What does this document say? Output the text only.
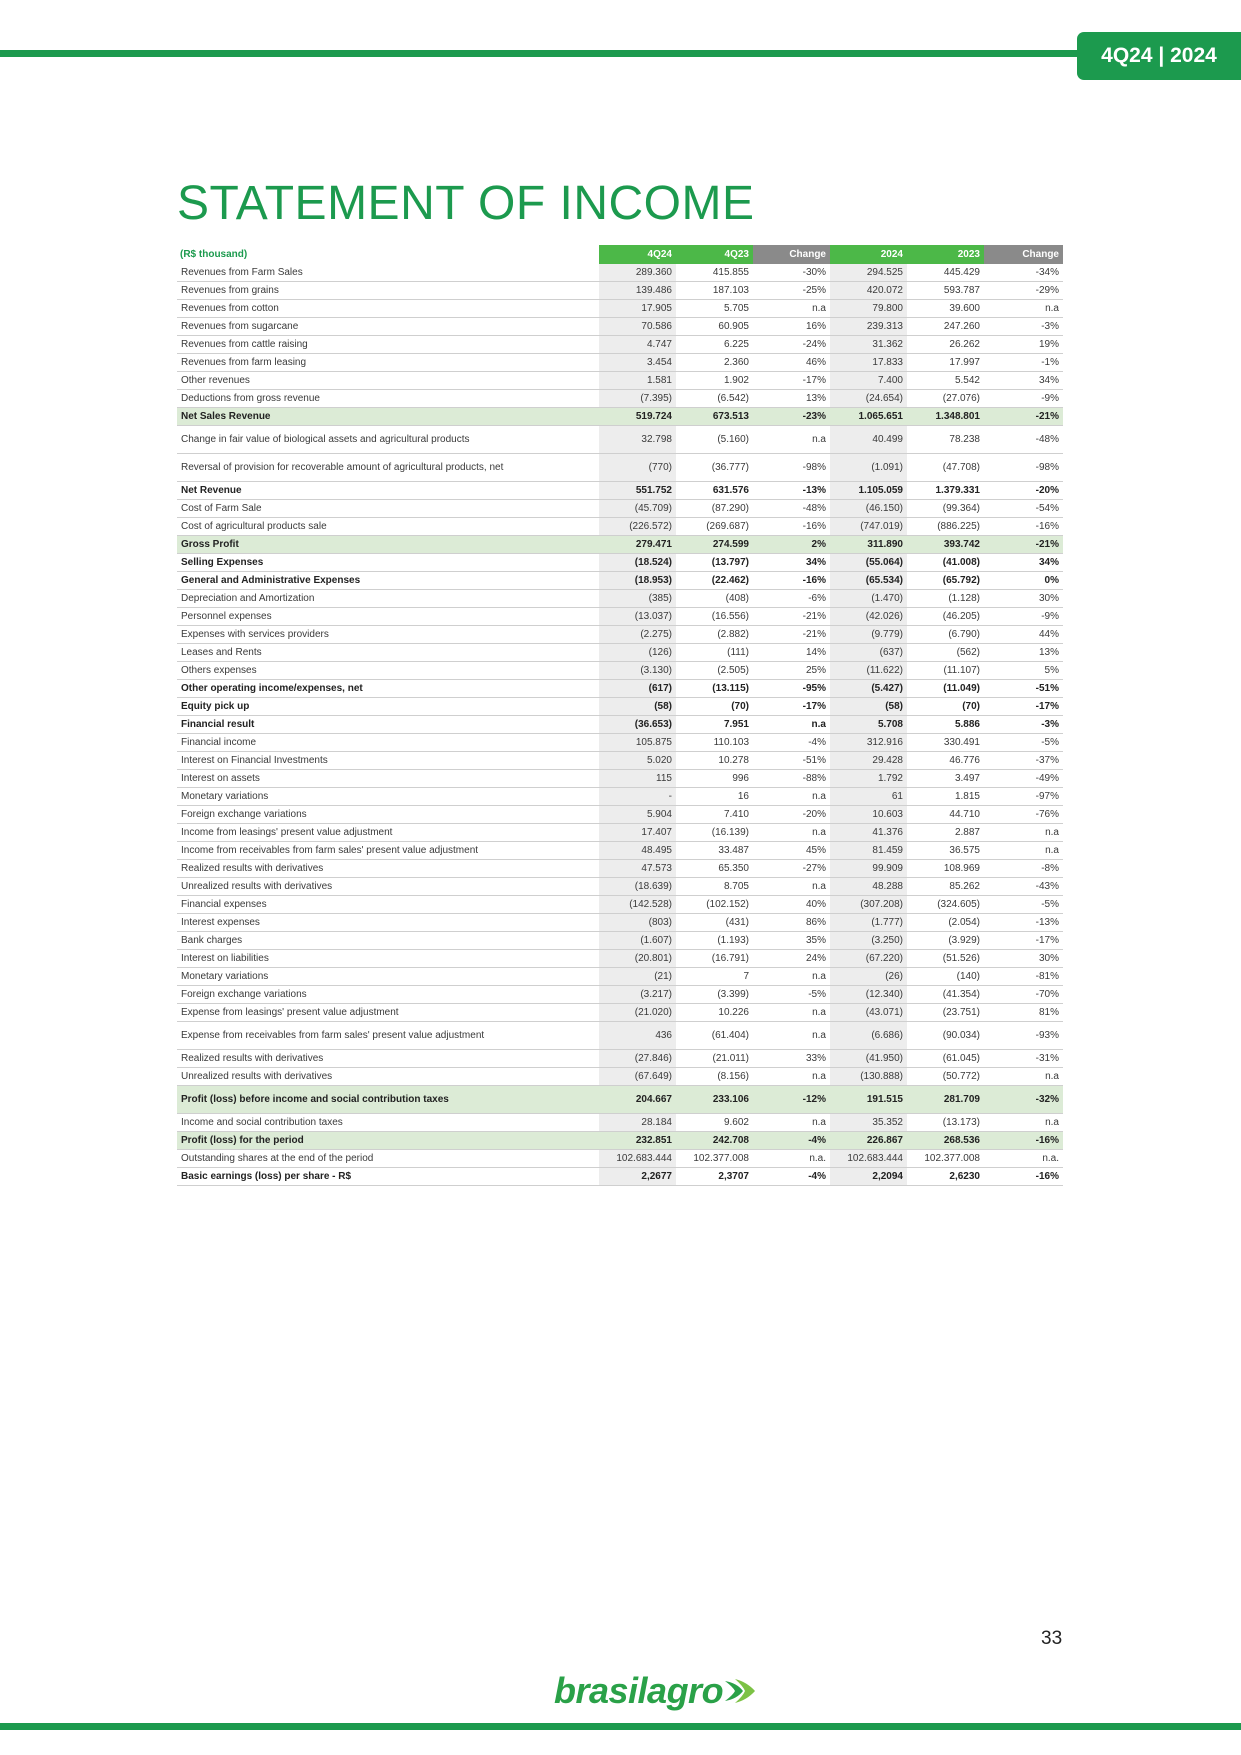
4Q24 | 2024
STATEMENT OF INCOME
(R$ thousand)	4Q24	4Q23	Change	2024	2023	Change
Revenues from Farm Sales	289.360	415.855	-30%	294.525	445.429	-34%
Revenues from grains	139.486	187.103	-25%	420.072	593.787	-29%
Revenues from cotton	17.905	5.705	n.a	79.800	39.600	n.a
Revenues from sugarcane	70.586	60.905	16%	239.313	247.260	-3%
Revenues from cattle raising	4.747	6.225	-24%	31.362	26.262	19%
Revenues from farm leasing	3.454	2.360	46%	17.833	17.997	-1%
Other revenues	1.581	1.902	-17%	7.400	5.542	34%
Deductions from gross revenue	(7.395)	(6.542)	13%	(24.654)	(27.076)	-9%
Net Sales Revenue	519.724	673.513	-23%	1.065.651	1.348.801	-21%
Change in fair value of biological assets and agricultural products	32.798	(5.160)	n.a	40.499	78.238	-48%
Reversal of provision for recoverable amount of agricultural products, net	(770)	(36.777)	-98%	(1.091)	(47.708)	-98%
Net Revenue	551.752	631.576	-13%	1.105.059	1.379.331	-20%
Cost of Farm Sale	(45.709)	(87.290)	-48%	(46.150)	(99.364)	-54%
Cost of agricultural products sale	(226.572)	(269.687)	-16%	(747.019)	(886.225)	-16%
Gross Profit	279.471	274.599	2%	311.890	393.742	-21%
Selling Expenses	(18.524)	(13.797)	34%	(55.064)	(41.008)	34%
General and Administrative Expenses	(18.953)	(22.462)	-16%	(65.534)	(65.792)	0%
Depreciation and Amortization	(385)	(408)	-6%	(1.470)	(1.128)	30%
Personnel expenses	(13.037)	(16.556)	-21%	(42.026)	(46.205)	-9%
Expenses with services providers	(2.275)	(2.882)	-21%	(9.779)	(6.790)	44%
Leases and Rents	(126)	(111)	14%	(637)	(562)	13%
Others expenses	(3.130)	(2.505)	25%	(11.622)	(11.107)	5%
Other operating income/expenses, net	(617)	(13.115)	-95%	(5.427)	(11.049)	-51%
Equity pick up	(58)	(70)	-17%	(58)	(70)	-17%
Financial result	(36.653)	7.951	n.a	5.708	5.886	-3%
Financial income	105.875	110.103	-4%	312.916	330.491	-5%
Interest on Financial Investments	5.020	10.278	-51%	29.428	46.776	-37%
Interest on assets	115	996	-88%	1.792	3.497	-49%
Monetary variations	-	16	n.a	61	1.815	-97%
Foreign exchange variations	5.904	7.410	-20%	10.603	44.710	-76%
Income from leasings' present value adjustment	17.407	(16.139)	n.a	41.376	2.887	n.a
Income from receivables from farm sales' present value adjustment	48.495	33.487	45%	81.459	36.575	n.a
Realized results with derivatives	47.573	65.350	-27%	99.909	108.969	-8%
Unrealized results with derivatives	(18.639)	8.705	n.a	48.288	85.262	-43%
Financial expenses	(142.528)	(102.152)	40%	(307.208)	(324.605)	-5%
Interest expenses	(803)	(431)	86%	(1.777)	(2.054)	-13%
Bank charges	(1.607)	(1.193)	35%	(3.250)	(3.929)	-17%
Interest on liabilities	(20.801)	(16.791)	24%	(67.220)	(51.526)	30%
Monetary variations	(21)	7	n.a	(26)	(140)	-81%
Foreign exchange variations	(3.217)	(3.399)	-5%	(12.340)	(41.354)	-70%
Expense from leasings' present value adjustment	(21.020)	10.226	n.a	(43.071)	(23.751)	81%
Expense from receivables from farm sales' present value adjustment	436	(61.404)	n.a	(6.686)	(90.034)	-93%
Realized results with derivatives	(27.846)	(21.011)	33%	(41.950)	(61.045)	-31%
Unrealized results with derivatives	(67.649)	(8.156)	n.a	(130.888)	(50.772)	n.a
Profit (loss) before income and social contribution taxes	204.667	233.106	-12%	191.515	281.709	-32%
Income and social contribution taxes	28.184	9.602	n.a	35.352	(13.173)	n.a
Profit (loss) for the period	232.851	242.708	-4%	226.867	268.536	-16%
Outstanding shares at the end of the period	102.683.444	102.377.008	n.a.	102.683.444	102.377.008	n.a.
Basic earnings (loss) per share - R$	2,2677	2,3707	-4%	2,2094	2,6230	-16%
33
brasilagro
